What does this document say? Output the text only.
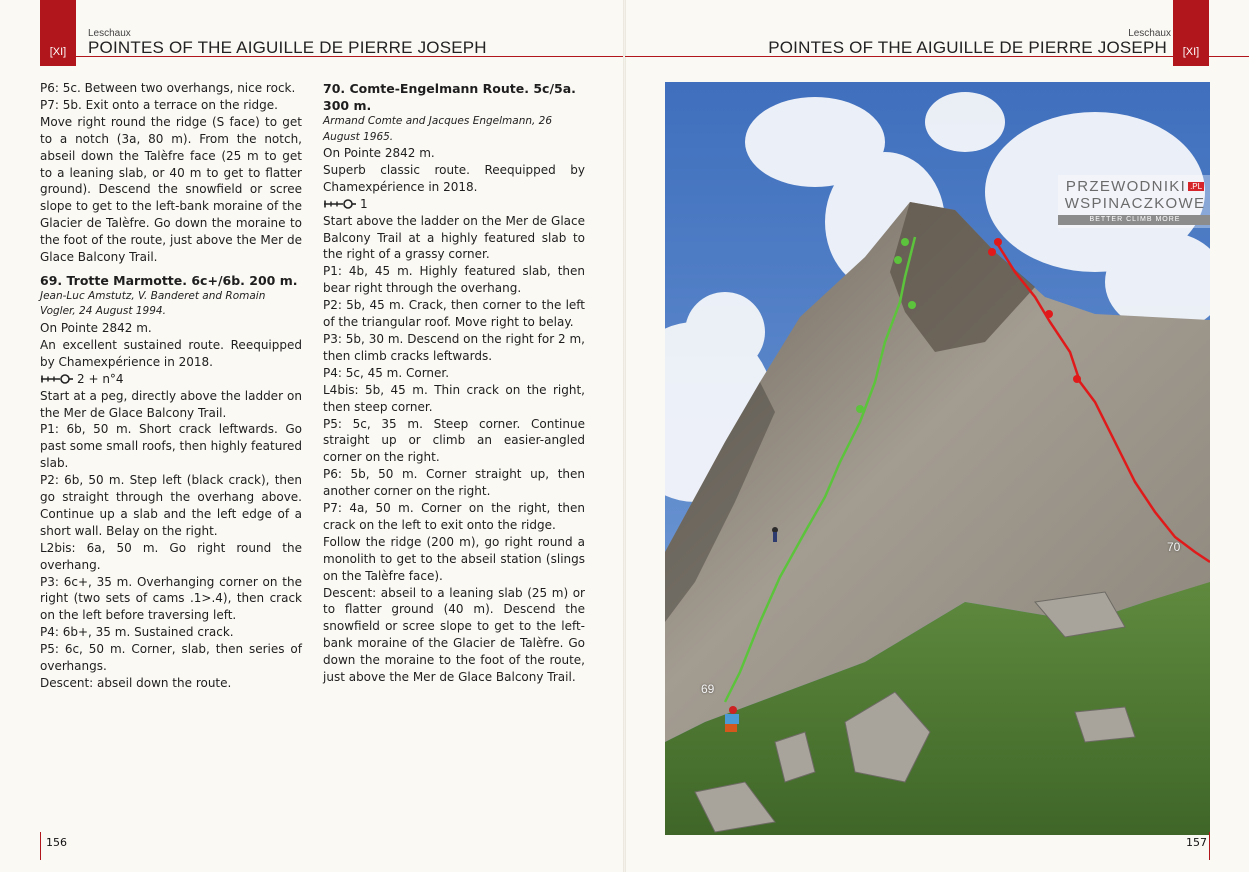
[XI]
Leschaux
POINTES OF THE AIGUILLE DE PIERRE JOSEPH

P6: 5c. Between two overhangs, nice rock.

P7: 5b. Exit onto a terrace on the ridge.

Move right round the ridge (S face) to get to a notch (3a, 80 m). From the notch, abseil down the Talèfre face (25 m to get to a leaning slab, or 40 m to get to flatter ground). Descend the snowfield or scree slope to get to the left-bank moraine of the Glacier de Talèfre. Go down the moraine to the foot of the route, just above the Mer de Glace Balcony Trail.

69. Trotte Marmotte. 6c+/6b. 200 m.

Jean-Luc Amstutz, V. Banderet and Romain Vogler, 24 August 1994.

On Pointe 2842 m.

An excellent sustained route. Reequipped by Chamexpérience in 2018.

2 + n°4

Start at a peg, directly above the ladder on the Mer de Glace Balcony Trail.

P1: 6b, 50 m. Short crack leftwards. Go past some small roofs, then highly featured slab.

P2: 6b, 50 m. Step left (black crack), then go straight through the overhang above. Continue up a slab and the left edge of a short wall. Belay on the right.

L2bis: 6a, 50 m. Go right round the overhang.

P3: 6c+, 35 m. Overhanging corner on the right (two sets of cams .1>.4), then crack on the left before traversing left.

P4: 6b+, 35 m. Sustained crack.

P5: 6c, 50 m. Corner, slab, then series of overhangs.

Descent: abseil down the route.

70. Comte-Engelmann Route. 5c/5a. 300 m.

Armand Comte and Jacques Engelmann, 26 August 1965.

On Pointe 2842 m.

Superb classic route. Reequipped by Chamexpérience in 2018.

1

Start above the ladder on the Mer de Glace Balcony Trail at a highly featured slab to the right of a grassy corner.

P1: 4b, 45 m. Highly featured slab, then bear right through the overhang.

P2: 5b, 45 m. Crack, then corner to the left of the triangular roof. Move right to belay.

P3: 5b, 30 m. Descend on the right for 2 m, then climb cracks leftwards.

P4: 5c, 45 m. Corner.

L4bis: 5b, 45 m. Thin crack on the right, then steep corner.

P5: 5c, 35 m. Steep corner. Continue straight up or climb an easier-angled corner on the right.

P6: 5b, 50 m. Corner straight up, then another corner on the right.

P7: 4a, 50 m. Corner on the right, then crack on the left to exit onto the ridge.

Follow the ridge (200 m), go right round a monolith to get to the abseil station (slings on the Talèfre face).

Descent: abseil to a leaning slab (25 m) or to flatter ground (40 m). Descend the snowfield or scree slope to get to the left-bank moraine of the Glacier de Talèfre. Go down the moraine to the foot of the route, just above the Mer de Glace Balcony Trail.

156
[XI]
Leschaux
POINTES OF THE AIGUILLE DE PIERRE JOSEPH
69
70
PRZEWODNIKI .PL
WSPINACZKOWE
BETTER CLIMB MORE
157
